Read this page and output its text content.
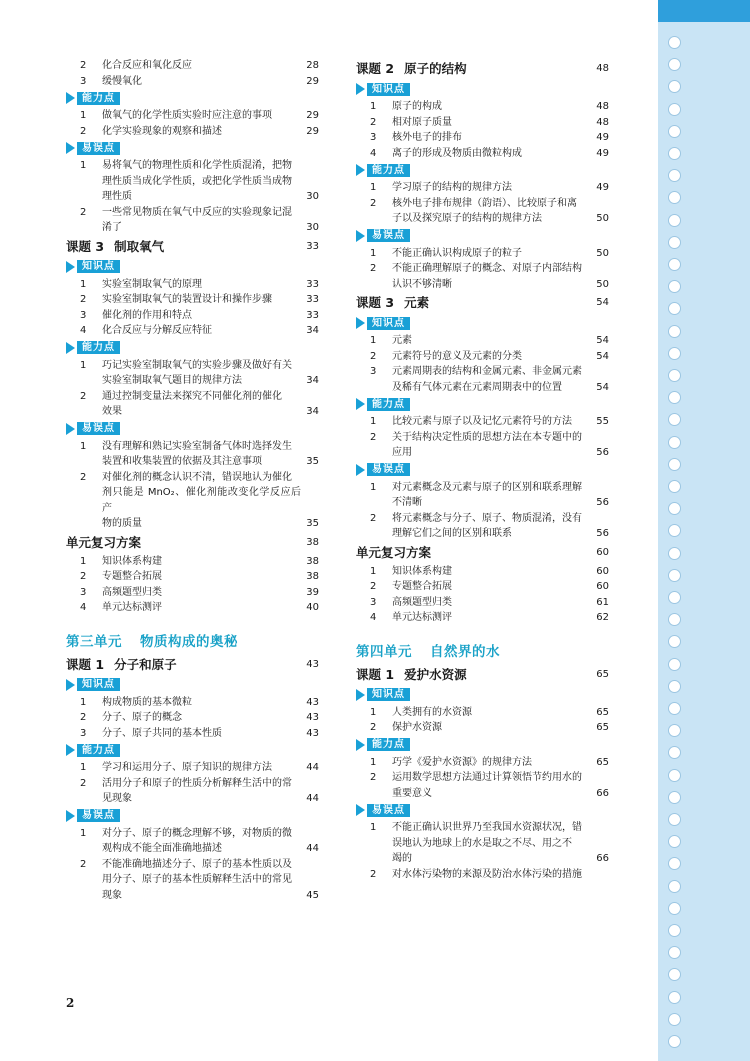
2	化合反应和氧化反应	28
3	缓慢氧化	29
能力点
1	做氧气的化学性质实验时应注意的事项	29
2	化学实验现象的观察和描述	29
易误点
1	易将氧气的物理性质和化学性质混淆，把物
理性质当成化学性质，或把化学性质当成物
理性质	30
2	一些常见物质在氧气中反应的实验现象记混
淆了	30
课题 3 制取氧气	33
知识点
1	实验室制取氧气的原理	33
2	实验室制取氧气的装置设计和操作步骤	33
3	催化剂的作用和特点	33
4	化合反应与分解反应特征	34
能力点
1	巧记实验室制取氧气的实验步骤及做好有关
实验室制取氧气题目的规律方法	34
2	通过控制变量法来探究不同催化剂的催化
效果	34
易误点
1	没有理解和熟记实验室制备气体时选择发生
装置和收集装置的依据及其注意事项	35
2	对催化剂的概念认识不清，错误地认为催化
剂只能是 MnO₂、催化剂能改变化学反应后产
物的质量	35
单元复习方案	38
1	知识体系构建	38
2	专题整合拓展	38
3	高频题型归类	39
4	单元达标测评	40
第三单元 物质构成的奥秘
课题 1 分子和原子	43
知识点
1	构成物质的基本微粒	43
2	分子、原子的概念	43
3	分子、原子共同的基本性质	43
能力点
1	学习和运用分子、原子知识的规律方法	44
2	活用分子和原子的性质分析解释生活中的常
见现象	44
易误点
1	对分子、原子的概念理解不够，对物质的微
观构成不能全面准确地描述	44
2	不能准确地描述分子、原子的基本性质以及
用分子、原子的基本性质解释生活中的常见
现象	45
课题 2 原子的结构	48
知识点
1	原子的构成	48
2	相对原子质量	48
3	核外电子的排布	49
4	离子的形成及物质由微粒构成	49
能力点
1	学习原子的结构的规律方法	49
2	核外电子排布规律（韵语）、比较原子和离
子以及探究原子的结构的规律方法	50
易误点
1	不能正确认识构成原子的粒子	50
2	不能正确理解原子的概念、对原子内部结构
认识不够清晰	50
课题 3 元素	54
知识点
1	元素	54
2	元素符号的意义及元素的分类	54
3	元素周期表的结构和金属元素、非金属元素
及稀有气体元素在元素周期表中的位置	54
能力点
1	比较元素与原子以及记忆元素符号的方法	55
2	关于结构决定性质的思想方法在本专题中的
应用	56
易误点
1	对元素概念及元素与原子的区别和联系理解
不清晰	56
2	将元素概念与分子、原子、物质混淆，没有
理解它们之间的区别和联系	56
单元复习方案	60
1	知识体系构建	60
2	专题整合拓展	60
3	高频题型归类	61
4	单元达标测评	62
第四单元 自然界的水
课题 1 爱护水资源	65
知识点
1	人类拥有的水资源	65
2	保护水资源	65
能力点
1	巧学《爱护水资源》的规律方法	65
2	运用数学思想方法通过计算领悟节约用水的
重要意义	66
易误点
1	不能正确认识世界乃至我国水资源状况，错
误地认为地球上的水是取之不尽、用之不
竭的	66
2	对水体污染物的来源及防治水体污染的措施
2
